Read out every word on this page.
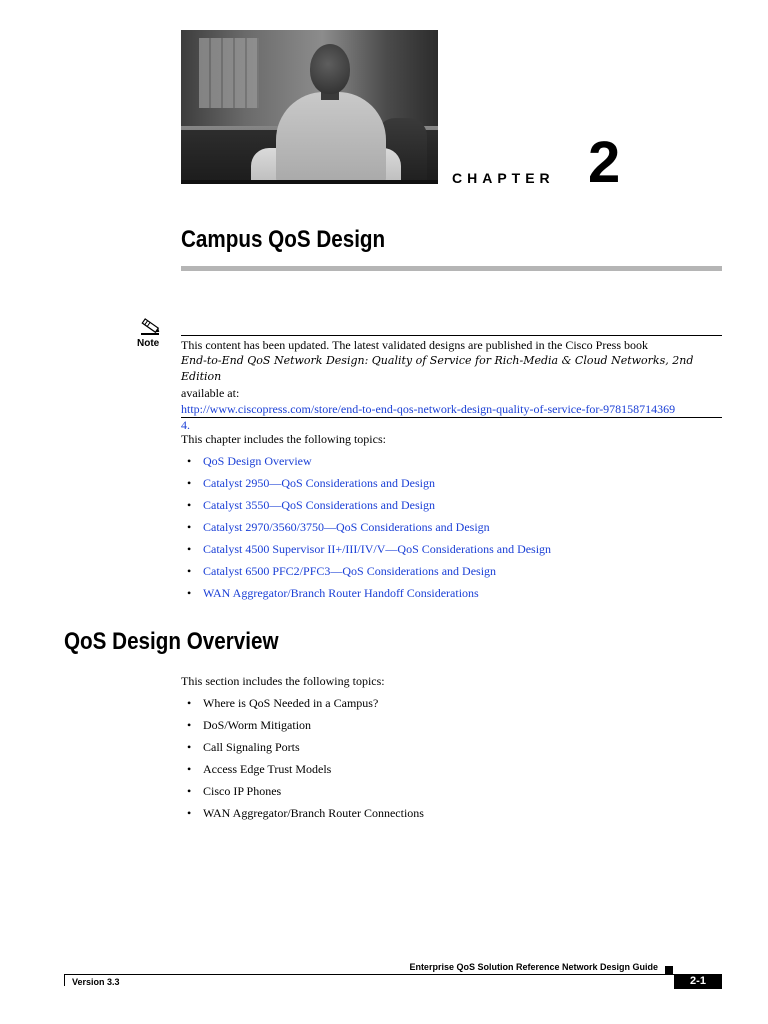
CHAPTER 2
Campus QoS Design
Note This content has been updated. The latest validated designs are published in the Cisco Press book
End-to-End QoS Network Design: Quality of Service for Rich-Media & Cloud Networks, 2nd Edition
available at:
http://www.ciscopress.com/store/end-to-end-qos-network-design-quality-of-service-for-978158714369
4.
This chapter includes the following topics:
• QoS Design Overview
• Catalyst 2950—QoS Considerations and Design
• Catalyst 3550—QoS Considerations and Design
• Catalyst 2970/3560/3750—QoS Considerations and Design
• Catalyst 4500 Supervisor II+/III/IV/V—QoS Considerations and Design
• Catalyst 6500 PFC2/PFC3—QoS Considerations and Design
• WAN Aggregator/Branch Router Handoff Considerations
QoS Design Overview
This section includes the following topics:
• Where is QoS Needed in a Campus?
• DoS/Worm Mitigation
• Call Signaling Ports
• Access Edge Trust Models
• Cisco IP Phones
• WAN Aggregator/Branch Router Connections
Enterprise QoS Solution Reference Network Design Guide
Version 3.3	2-1
